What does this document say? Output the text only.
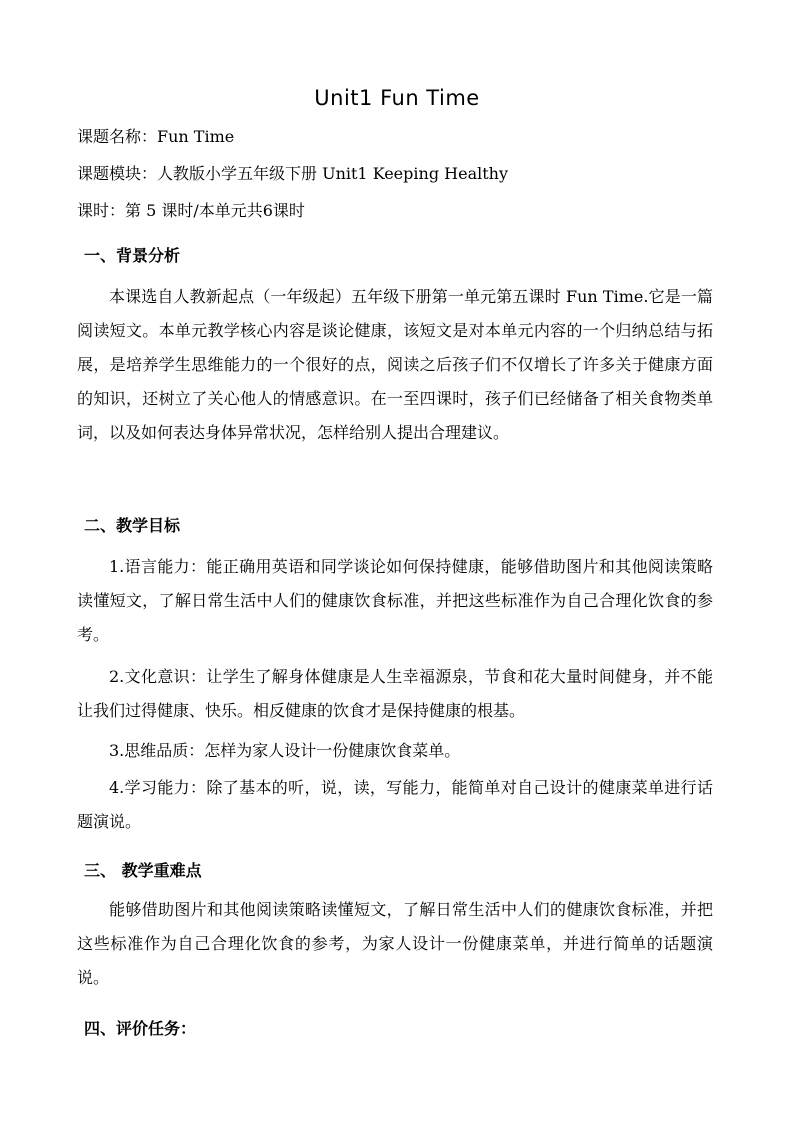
Unit1 Fun Time
课题名称：Fun Time
课题模块：人教版小学五年级下册 Unit1 Keeping Healthy
课时：第 5 课时/本单元共6课时
一、背景分析

本课选自人教新起点（一年级起）五年级下册第一单元第五课时 Fun Time.它是一篇阅读短文。本单元教学核心内容是谈论健康，该短文是对本单元内容的一个归纳总结与拓展，是培养学生思维能力的一个很好的点，阅读之后孩子们不仅增长了许多关于健康方面的知识，还树立了关心他人的情感意识。在一至四课时，孩子们已经储备了相关食物类单词，以及如何表达身体异常状况，怎样给别人提出合理建议。

二、教学目标

1.语言能力：能正确用英语和同学谈论如何保持健康，能够借助图片和其他阅读策略读懂短文，了解日常生活中人们的健康饮食标准，并把这些标准作为自己合理化饮食的参考。

2.文化意识：让学生了解身体健康是人生幸福源泉，节食和花大量时间健身，并不能让我们过得健康、快乐。相反健康的饮食才是保持健康的根基。

3.思维品质：怎样为家人设计一份健康饮食菜单。

4.学习能力：除了基本的听，说，读，写能力，能简单对自己设计的健康菜单进行话题演说。

三、 教学重难点

能够借助图片和其他阅读策略读懂短文，了解日常生活中人们的健康饮食标准，并把这些标准作为自己合理化饮食的参考，为家人设计一份健康菜单，并进行简单的话题演说。

四、评价任务：
